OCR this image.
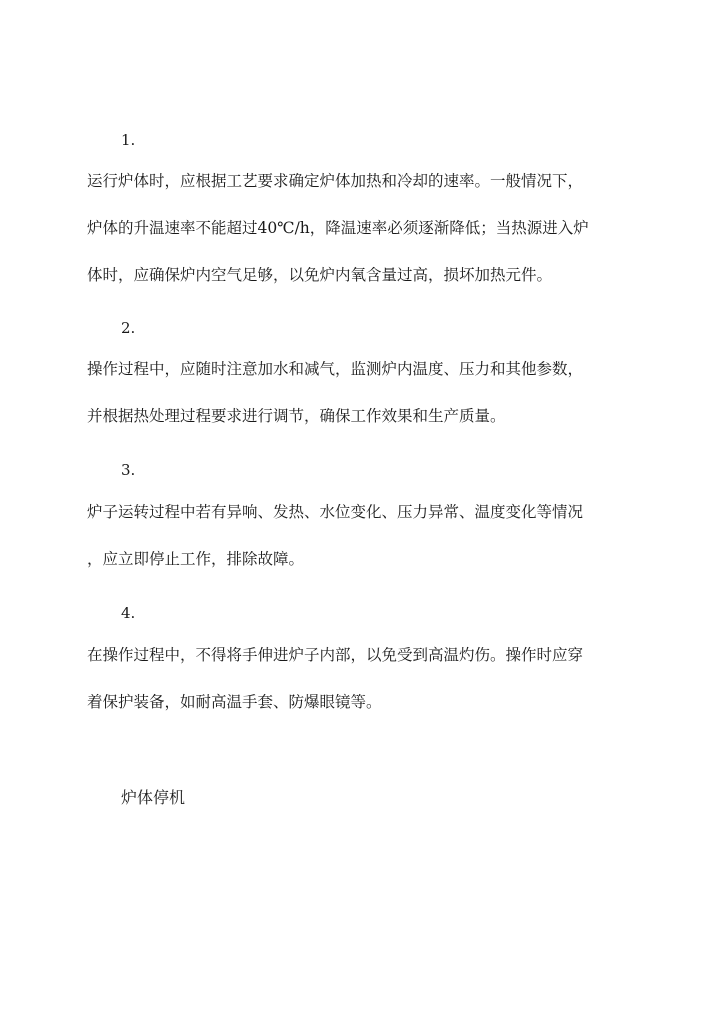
1.
运行炉体时，应根据工艺要求确定炉体加热和冷却的速率。一般情况下，
炉体的升温速率不能超过40℃/h，降温速率必须逐渐降低；当热源进入炉
体时，应确保炉内空气足够，以免炉内氧含量过高，损坏加热元件。
2.
操作过程中，应随时注意加水和减气，监测炉内温度、压力和其他参数，
并根据热处理过程要求进行调节，确保工作效果和生产质量。
3.
炉子运转过程中若有异响、发热、水位变化、压力异常、温度变化等情况
，应立即停止工作，排除故障。
4.
在操作过程中，不得将手伸进炉子内部，以免受到高温灼伤。操作时应穿
着保护装备，如耐高温手套、防爆眼镜等。
炉体停机
